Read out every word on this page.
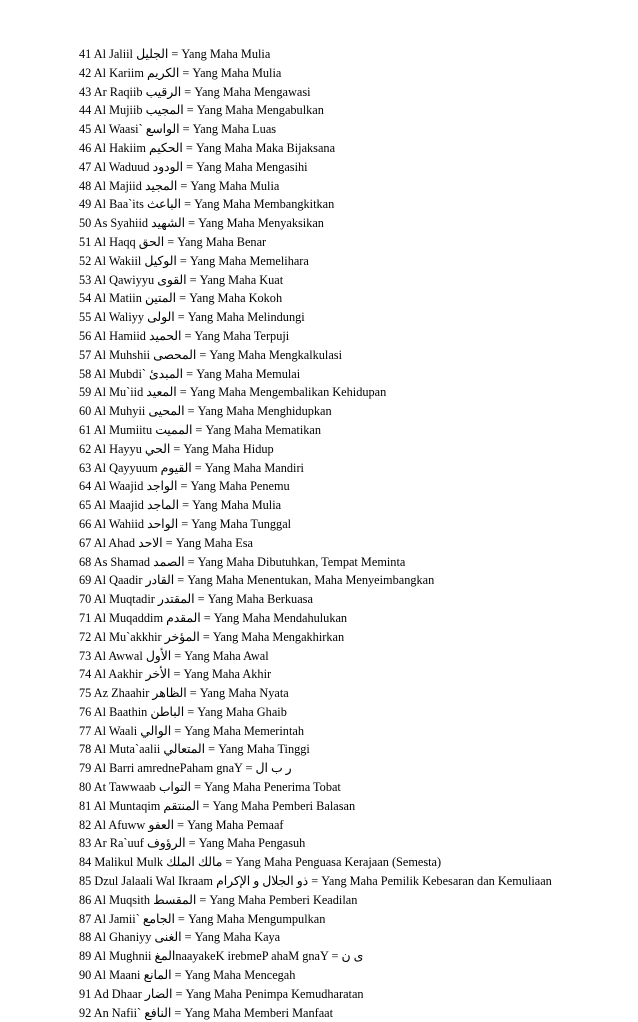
41 Al Jaliil الجليل = Yang Maha Mulia
42 Al Kariim الكريم = Yang Maha Mulia
43 Ar Raqiib الرقيب = Yang Maha Mengawasi
44 Al Mujiib المجيب = Yang Maha Mengabulkan
45 Al Waasi` الواسع = Yang Maha Luas
46 Al Hakiim الحكيم = Yang Maha Maka Bijaksana
47 Al Waduud الودود = Yang Maha Mengasihi
48 Al Majiid المجيد = Yang Maha Mulia
49 Al Baa`its الباعث = Yang Maha Membangkitkan
50 As Syahiid الشهيد = Yang Maha Menyaksikan
51 Al Haqq الحق = Yang Maha Benar
52 Al Wakiil الوكيل = Yang Maha Memelihara
53 Al Qawiyyu القوى = Yang Maha Kuat
54 Al Matiin المتين = Yang Maha Kokoh
55 Al Waliyy الولى = Yang Maha Melindungi
56 Al Hamiid الحميد = Yang Maha Terpuji
57 Al Muhshii المحصى = Yang Maha Mengkalkulasi
58 Al Mubdi` المبدئ = Yang Maha Memulai
59 Al Mu`iid المعيد = Yang Maha Mengembalikan Kehidupan
60 Al Muhyii المحيى = Yang Maha Menghidupkan
61 Al Mumiitu المميت = Yang Maha Mematikan
62 Al Hayyu الحي = Yang Maha Hidup
63 Al Qayyuum القيوم = Yang Maha Mandiri
64 Al Waajid الواجد = Yang Maha Penemu
65 Al Maajid الماجد = Yang Maha Mulia
66 Al Wahiid الواحد = Yang Maha Tunggal
67 Al Ahad الاحد = Yang Maha Esa
68 As Shamad الصمد = Yang Maha Dibutuhkan, Tempat Meminta
69 Al Qaadir القادر = Yang Maha Menentukan, Maha Menyeimbangkan
70 Al Muqtadir المقتدر = Yang Maha Berkuasa
71 Al Muqaddim المقدم = Yang Maha Mendahulukan
72 Al Mu`akkhir المؤخر = Yang Maha Mengakhirkan
73 Al Awwal الأول = Yang Maha Awal
74 Al Aakhir الأخر = Yang Maha Akhir
75 Az Zhaahir الظاهر = Yang Maha Nyata
76 Al Baathin الباطن = Yang Maha Ghaib
77 Al Waali الوالي = Yang Maha Memerintah
78 Al Muta`aalii المتعالي = Yang Maha Tinggi
79 Al Barri amrednePaham gnaY = ر ب ال
80 At Tawwaab التواب = Yang Maha Penerima Tobat
81 Al Muntaqim المنتقم = Yang Maha Pemberi Balasan
82 Al Afuww العفو = Yang Maha Pemaaf
83 Ar Ra`uuf الرؤوف = Yang Maha Pengasuh
84 Malikul Mulk مالك الملك = Yang Maha Penguasa Kerajaan (Semesta)
85 Dzul Jalaali Wal Ikraam ذو الجلال و الإكرام = Yang Maha Pemilik Kebesaran dan Kemuliaan
86 Al Muqsith المقسط = Yang Maha Pemberi Keadilan
87 Al Jamii` الجامع = Yang Maha Mengumpulkan
88 Al Ghaniyy الغنى = Yang Maha Kaya
89 Al Mughnii المغnaayakeK irebmeP ahaM gnaY = ى ن
90 Al Maani المانع = Yang Maha Mencegah
91 Ad Dhaar الضار = Yang Maha Penimpa Kemudharatan
92 An Nafii` النافع = Yang Maha Memberi Manfaat
